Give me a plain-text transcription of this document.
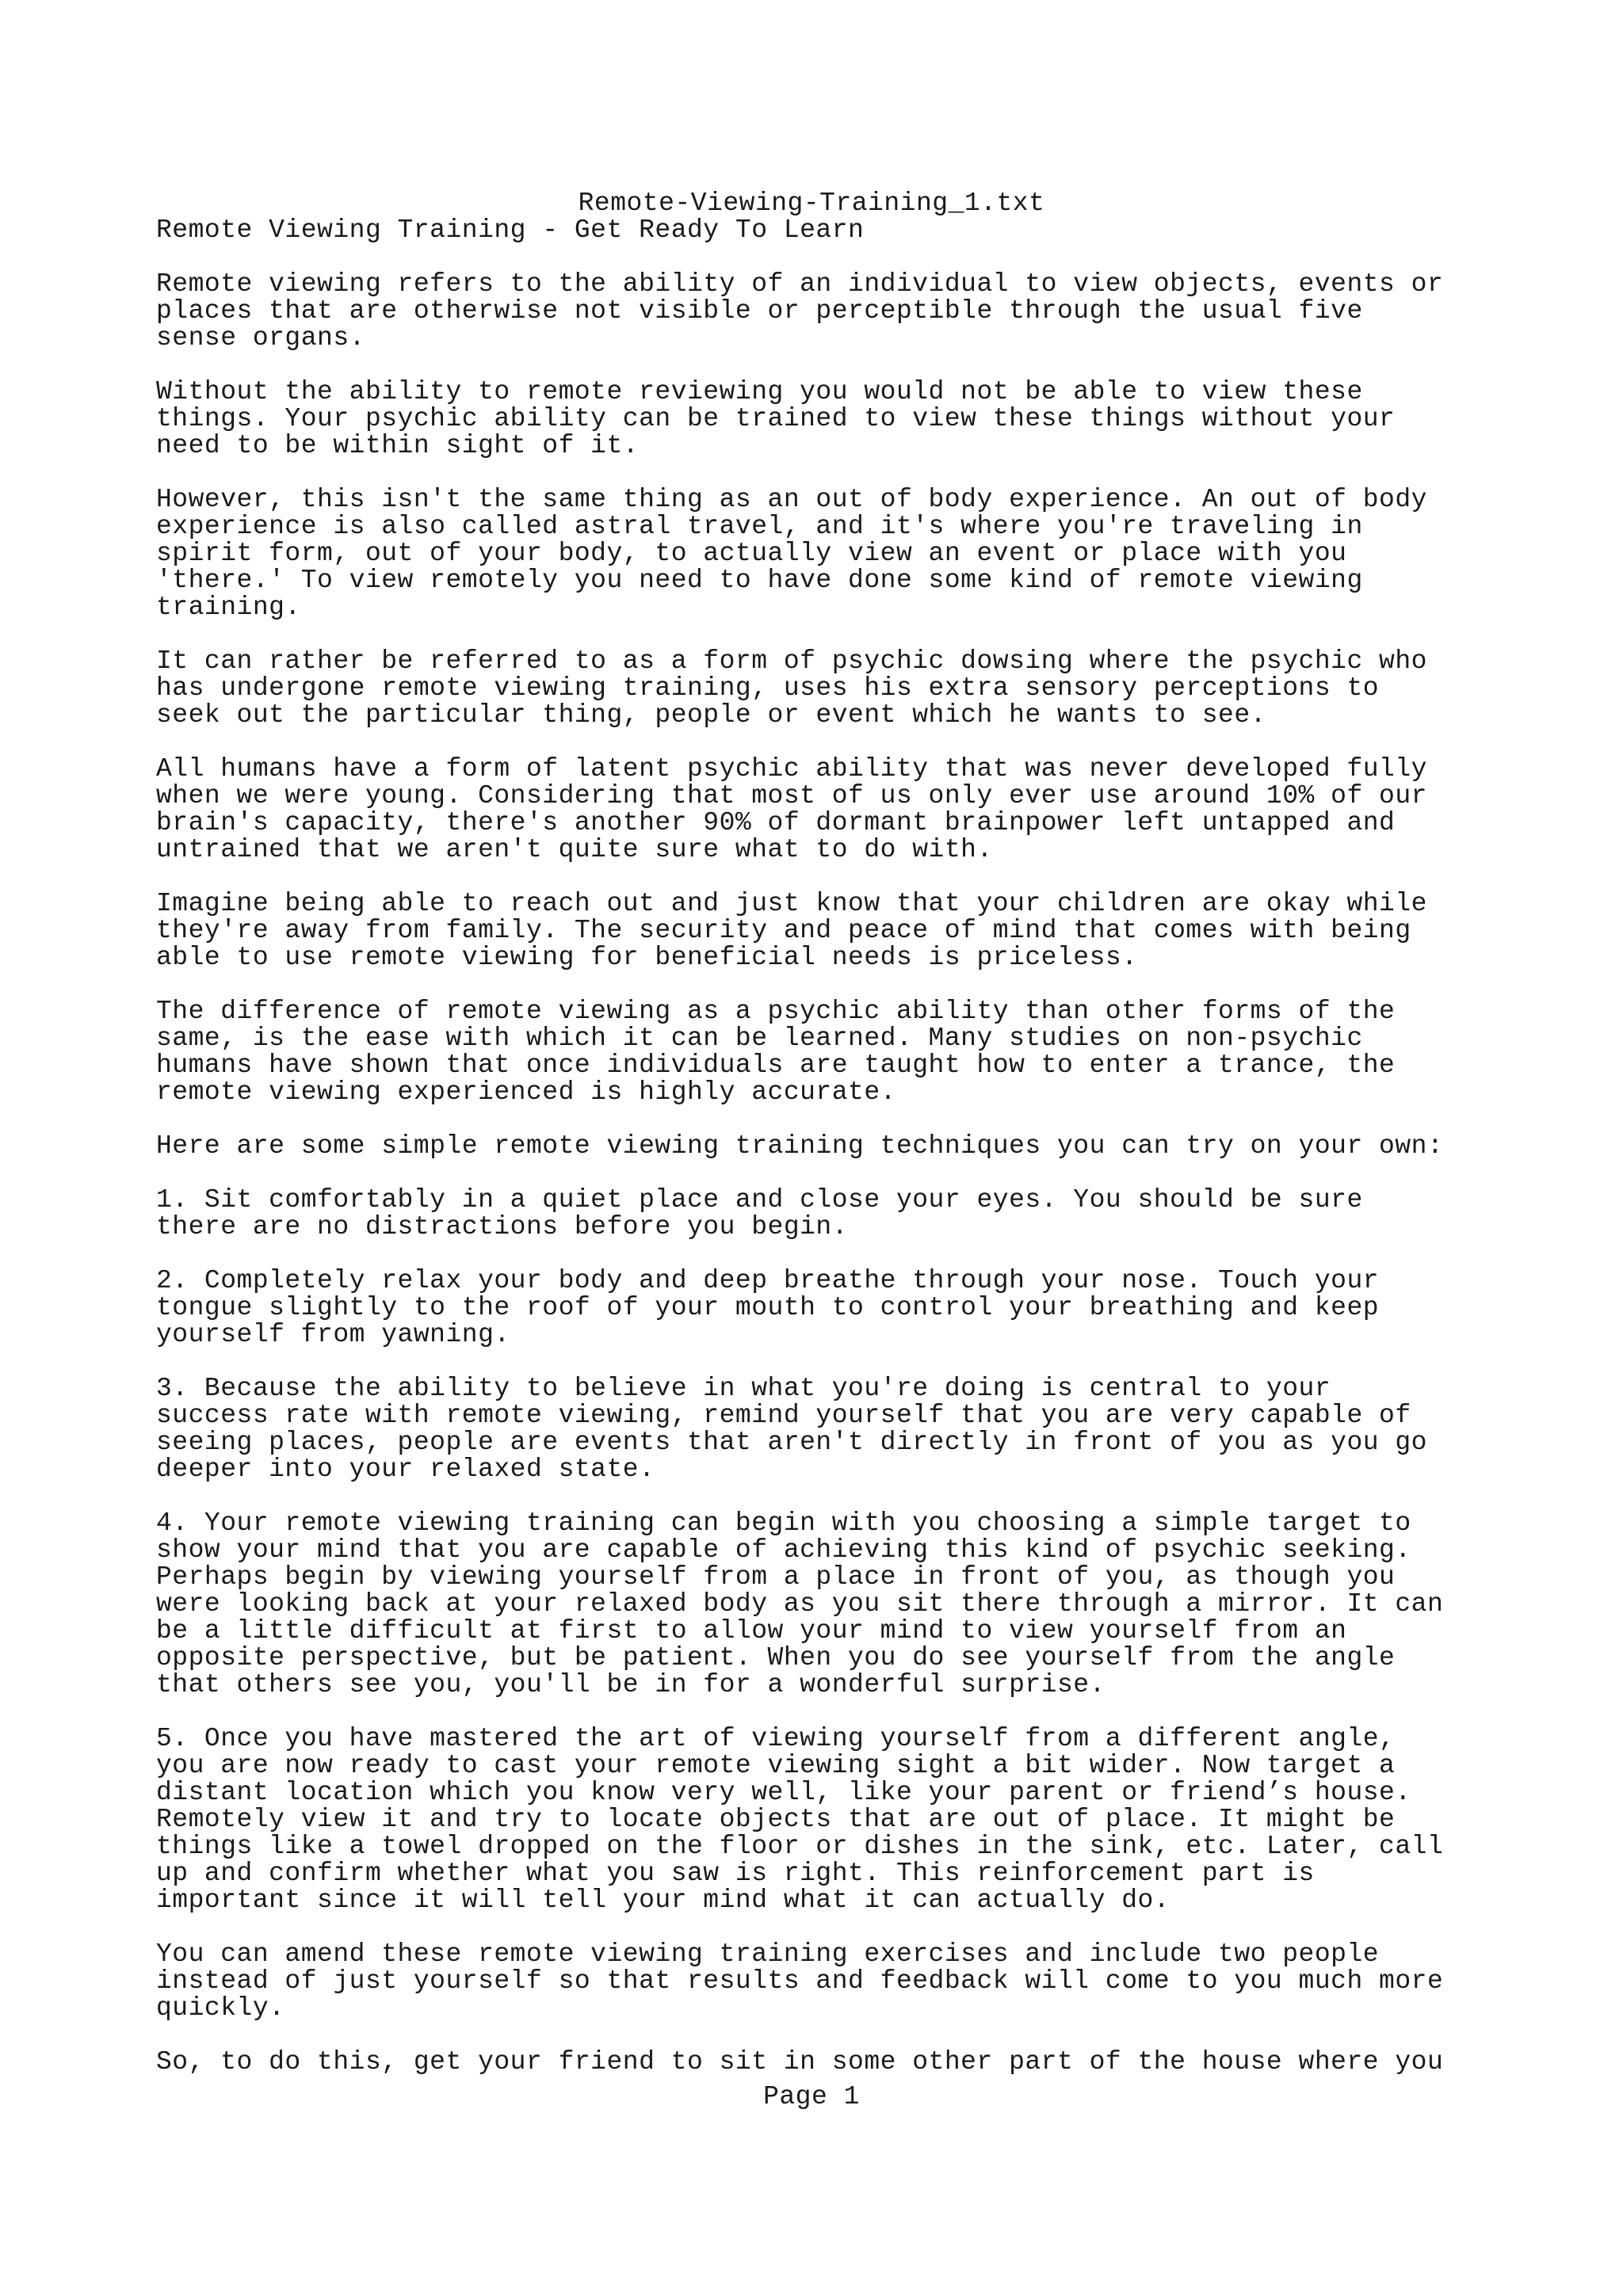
Remote-Viewing-Training_1.txt
Remote Viewing Training - Get Ready To Learn
Remote viewing refers to the ability of an individual to view objects, events or
places that are otherwise not visible or perceptible through the usual five
sense organs.
Without the ability to remote reviewing you would not be able to view these
things. Your psychic ability can be trained to view these things without your
need to be within sight of it.
However, this isn't the same thing as an out of body experience. An out of body
experience is also called astral travel, and it's where you're traveling in
spirit form, out of your body, to actually view an event or place with you
'there.' To view remotely you need to have done some kind of remote viewing
training.
It can rather be referred to as a form of psychic dowsing where the psychic who
has undergone remote viewing training, uses his extra sensory perceptions to
seek out the particular thing, people or event which he wants to see.
All humans have a form of latent psychic ability that was never developed fully
when we were young. Considering that most of us only ever use around 10% of our
brain's capacity, there's another 90% of dormant brainpower left untapped and
untrained that we aren't quite sure what to do with.
Imagine being able to reach out and just know that your children are okay while
they're away from family. The security and peace of mind that comes with being
able to use remote viewing for beneficial needs is priceless.
The difference of remote viewing as a psychic ability than other forms of the
same, is the ease with which it can be learned. Many studies on non-psychic
humans have shown that once individuals are taught how to enter a trance, the
remote viewing experienced is highly accurate.
Here are some simple remote viewing training techniques you can try on your own:
1. Sit comfortably in a quiet place and close your eyes. You should be sure
there are no distractions before you begin.
2. Completely relax your body and deep breathe through your nose. Touch your
tongue slightly to the roof of your mouth to control your breathing and keep
yourself from yawning.
3. Because the ability to believe in what you're doing is central to your
success rate with remote viewing, remind yourself that you are very capable of
seeing places, people are events that aren't directly in front of you as you go
deeper into your relaxed state.
4. Your remote viewing training can begin with you choosing a simple target to
show your mind that you are capable of achieving this kind of psychic seeking.
Perhaps begin by viewing yourself from a place in front of you, as though you
were looking back at your relaxed body as you sit there through a mirror. It can
be a little difficult at first to allow your mind to view yourself from an
opposite perspective, but be patient. When you do see yourself from the angle
that others see you, you'll be in for a wonderful surprise.
5. Once you have mastered the art of viewing yourself from a different angle,
you are now ready to cast your remote viewing sight a bit wider. Now target a
distant location which you know very well, like your parent or friend’s house.
Remotely view it and try to locate objects that are out of place. It might be
things like a towel dropped on the floor or dishes in the sink, etc. Later, call
up and confirm whether what you saw is right. This reinforcement part is
important since it will tell your mind what it can actually do.
You can amend these remote viewing training exercises and include two people
instead of just yourself so that results and feedback will come to you much more
quickly.
So, to do this, get your friend to sit in some other part of the house where you
Page 1
